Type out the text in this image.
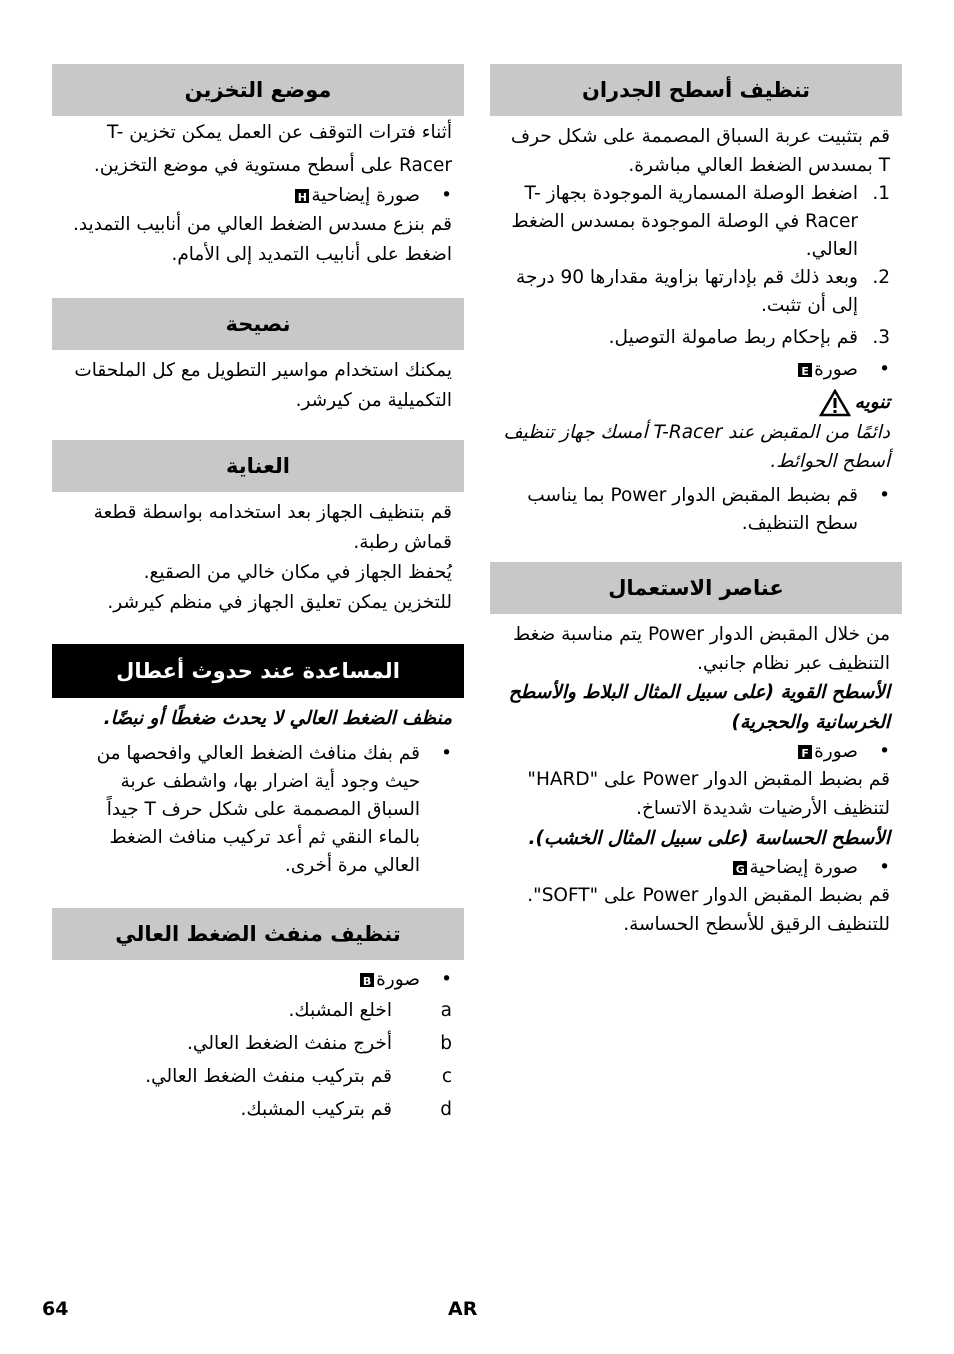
تنظيف أسطح الجدران

قم بتثبيت عربة السباق المصممة على شكل حرف T بمسدس الضغط العالي مباشرة.

1.
اضغط الوصلة المسمارية الموجودة بجهاز T-Racer في الوصلة الموجودة بمسدس الضغط العالي.
2.
وبعد ذلك قم بإدارتها بزاوية مقدارها 90 درجة إلى أن تثبت.
3.
قم بإحكام ربط صامولة التوصيل.
•
صورةE
تنويه

دائمًا من المقبض عند T-Racer أمسك جهاز تنظيف أسطح الحوائط.

•
قم بضبط المقبض الدوار Power بما يناسب سطح التنظيف.
عناصر الاستعمال

من خلال المقبض الدوار Power يتم مناسبة ضغط التنظيف عبر نظام جانبي.

الأسطح القوية (على سبيل المثال البلاط والأسطح الخرسانية والحجرية)

•
صورةF

قم بضبط المقبض الدوار Power على "HARD"

لتنظيف الأرضيات شديدة الاتساخ.

الأسطح الحساسة (على سبيل المثال الخشب).

•
صورة إيضاحيةG

قم بضبط المقبض الدوار Power على "SOFT".

للتنظيف الرقيق للأسطح الحساسة.

موضع التخزين

أثناء فترات التوقف عن العمل يمكن تخزين T-Racer على أسطح مستوية في موضع التخزين.

•
صورة إيضاحيةH

قم بنزع مسدس الضغط العالي من أنابيب التمديد.

اضغط على أنابيب التمديد إلى الأمام.

نصيحة

يمكنك استخدام مواسير التطويل مع كل الملحقات التكميلية من كيرشر.

العناية

قم بتنظيف الجهاز بعد استخدامه بواسطة قطعة قماش رطبة.

يُحفظ الجهاز في مكان خالي من الصقيع.

للتخزين يمكن تعليق الجهاز في منظم كيرشر.

المساعدة عند حدوث أعطال

منظف الضغط العالي لا يحدث ضغطًا أو نبضًا.

•
قم بفك منافث الضغط العالي وافحصها من حيث وجود أية اضرار بها، واشطف عربة السباق المصممة على شكل حرف T جيداً بالماء النقي ثم أعد تركيب منافث الضغط العالي مرة أخرى.
تنظيف منفث الضغط العالي
•
صورةB
a
اخلع المشبك.
b
أخرج منفث الضغط العالي.
c
قم بتركيب منفث الضغط العالي.
d
قم بتركيب المشبك.
64	AR
